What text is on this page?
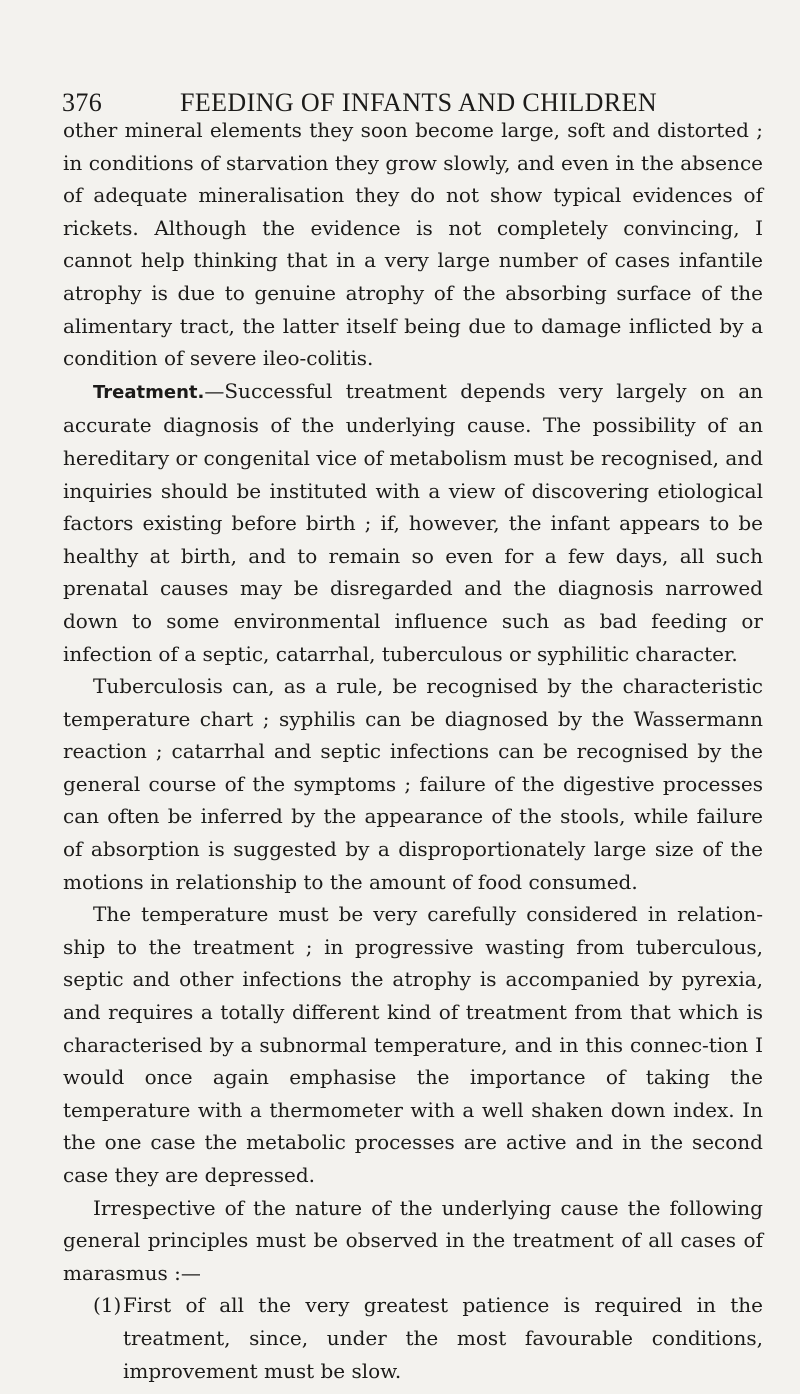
376	FEEDING OF INFANTS AND CHILDREN

other mineral elements they soon become large, soft and distorted ; in conditions of starvation they grow slowly, and even in the absence of adequate mineralisation they do not show typical evidences of rickets. Although the evidence is not completely convincing, I cannot help thinking that in a very large number of cases infantile atrophy is due to genuine atrophy of the absorbing surface of the alimentary tract, the latter itself being due to damage inflicted by a condition of severe ileo-colitis.

Treatment.—Successful treatment depends very largely on an accurate diagnosis of the underlying cause. The possibility of an hereditary or congenital vice of metabolism must be recognised, and inquiries should be instituted with a view of discovering etiological factors existing before birth ; if, however, the infant appears to be healthy at birth, and to remain so even for a few days, all such prenatal causes may be disregarded and the diagnosis narrowed down to some environmental influence such as bad feeding or infection of a septic, catarrhal, tuberculous or syphilitic character.

Tuberculosis can, as a rule, be recognised by the characteristic temperature chart ; syphilis can be diagnosed by the Wassermann reaction ; catarrhal and septic infections can be recognised by the general course of the symptoms ; failure of the digestive processes can often be inferred by the appearance of the stools, while failure of absorption is suggested by a disproportionately large size of the motions in relationship to the amount of food consumed.

The temperature must be very carefully considered in relation-ship to the treatment ; in progressive wasting from tuberculous, septic and other infections the atrophy is accompanied by pyrexia, and requires a totally different kind of treatment from that which is characterised by a subnormal temperature, and in this connec-tion I would once again emphasise the importance of taking the temperature with a thermometer with a well shaken down index. In the one case the metabolic processes are active and in the second case they are depressed.

Irrespective of the nature of the underlying cause the following general principles must be observed in the treatment of all cases of marasmus :—

(1)First of all the very greatest patience is required in the treatment, since, under the most favourable conditions, improvement must be slow.
